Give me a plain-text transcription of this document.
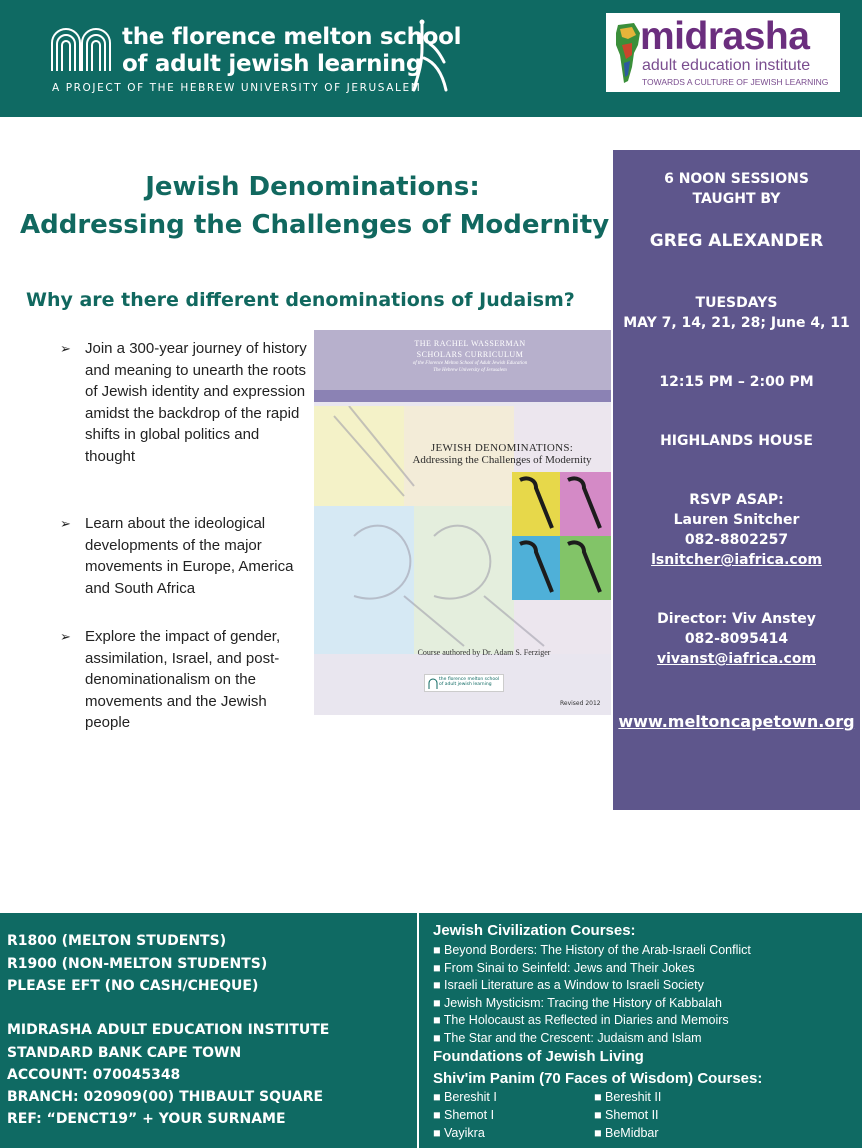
the florence melton school
of adult jewish learning
A PROJECT OF THE HEBREW UNIVERSITY OF JERUSALEM
midrasha
adult education institute
TOWARDS A CULTURE OF JEWISH LEARNING
Jewish Denominations:
Addressing the Challenges of Modernity
Why are there different denominations of Judaism?
➢ Join a 300-year journey of history and meaning to unearth the roots of Jewish identity and expression amidst the backdrop of the rapid shifts in global politics and thought
➢ Learn about the ideological developments of the major movements in Europe, America and South Africa
➢ Explore the impact of gender, assimilation, Israel, and post-denominationalism on the movements and the Jewish people
THE RACHEL WASSERMAN
SCHOLARS CURRICULUM
of the Florence Melton School of Adult Jewish Education
The Hebrew University of Jerusalem
JEWISH DENOMINATIONS:
Addressing the Challenges of Modernity
Course authored by Dr. Adam S. Ferziger
the florence melton school
of adult jewish learning
Revised 2012
6 NOON SESSIONS
TAUGHT BY
GREG ALEXANDER
TUESDAYS
MAY 7, 14, 21, 28; June 4, 11
12:15 PM – 2:00 PM
HIGHLANDS HOUSE
RSVP ASAP:
Lauren Snitcher
082-8802257
lsnitcher@iafrica.com
Director: Viv Anstey
082-8095414
vivanst@iafrica.com
www.meltoncapetown.org
R1800 (MELTON STUDENTS)
R1900 (NON-MELTON STUDENTS)
PLEASE EFT (NO CASH/CHEQUE)
MIDRASHA ADULT EDUCATION INSTITUTE
STANDARD BANK CAPE TOWN
ACCOUNT: 070045348
BRANCH: 020909(00) THIBAULT SQUARE
REF: “DENCT19” + YOUR SURNAME
Jewish Civilization Courses:
■ Beyond Borders: The History of the Arab-Israeli Conflict
■ From Sinai to Seinfeld: Jews and Their Jokes
■ Israeli Literature as a Window to Israeli Society
■ Jewish Mysticism: Tracing the History of Kabbalah
■ The Holocaust as Reflected in Diaries and Memoirs
■ The Star and the Crescent: Judaism and Islam
Foundations of Jewish Living
Shiv'im Panim (70 Faces of Wisdom) Courses:
■ Bereshit I
■ Shemot I
■ Vayikra
■ Bereshit II
■ Shemot II
■ BeMidbar
